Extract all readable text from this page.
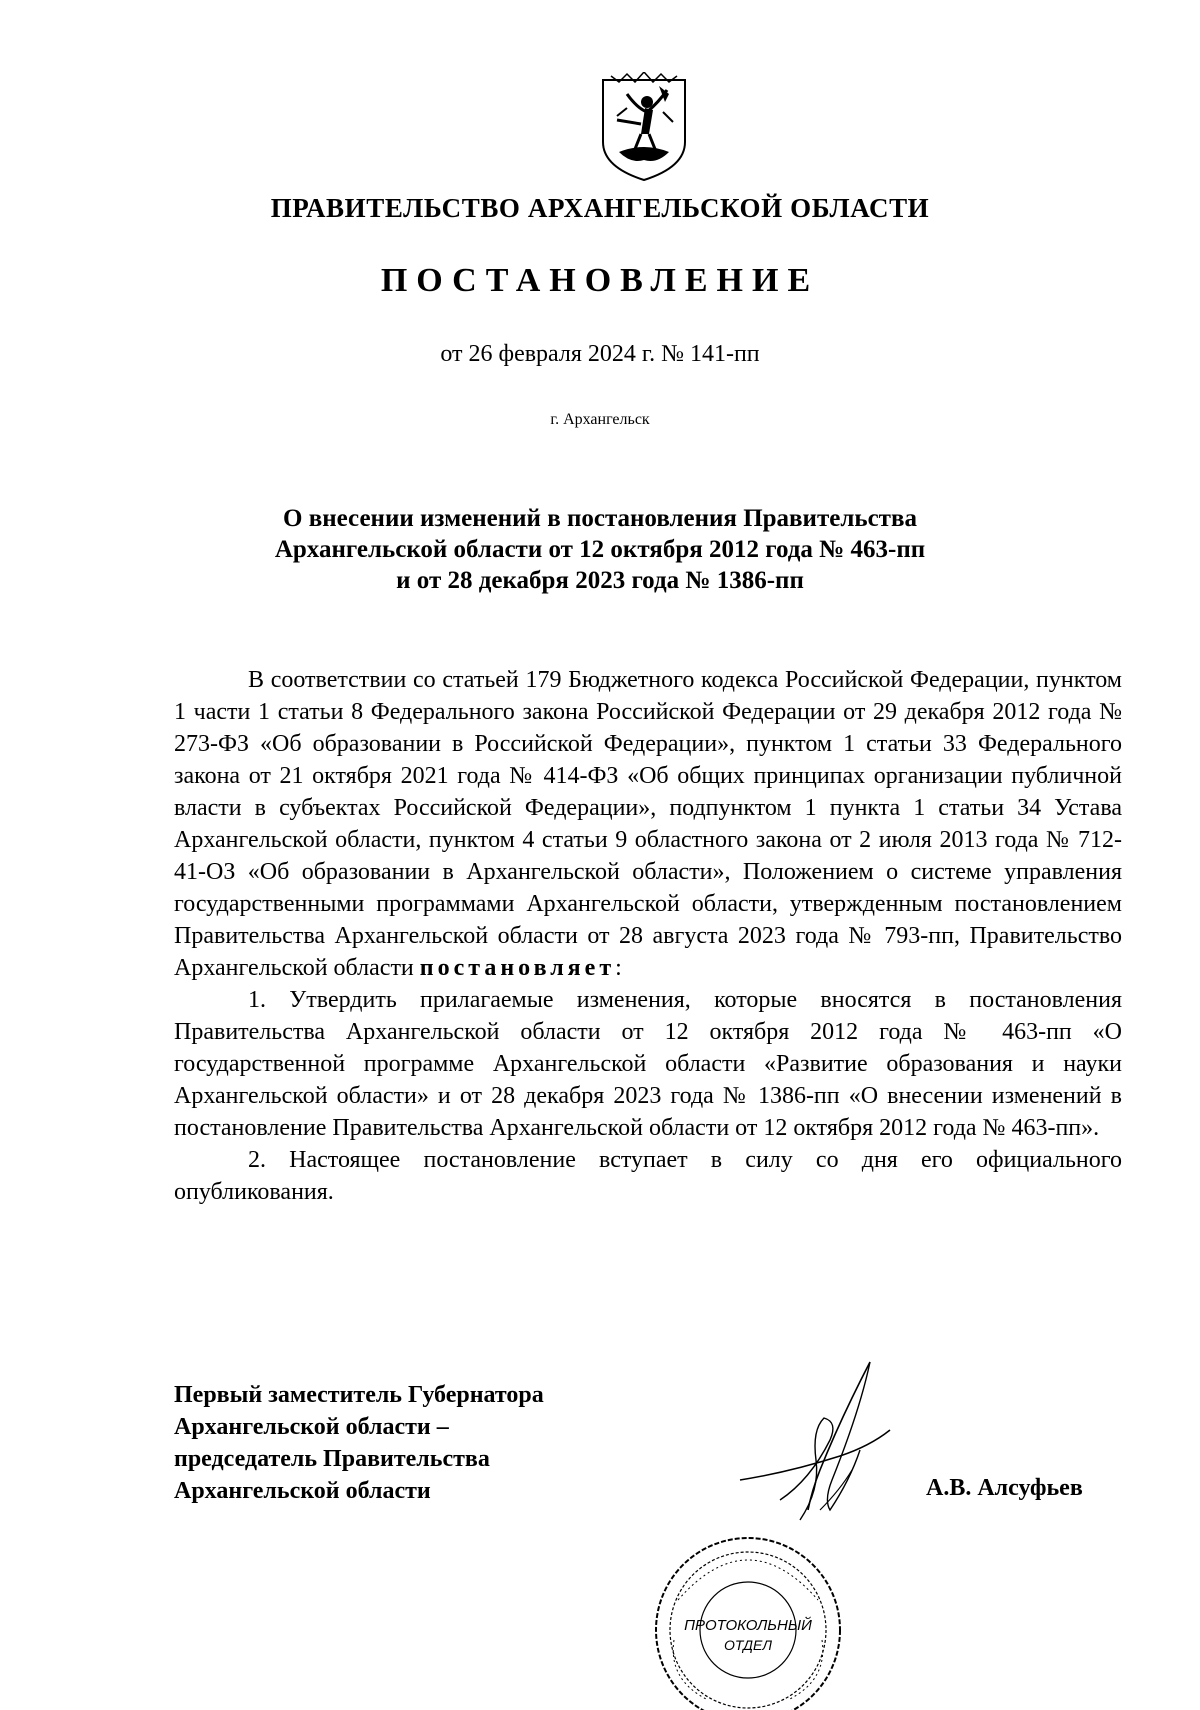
ПРАВИТЕЛЬСТВО АРХАНГЕЛЬСКОЙ ОБЛАСТИ
ПОСТАНОВЛЕНИЕ
от 26 февраля 2024 г. № 141-пп
г. Архангельск
О внесении изменений в постановления Правительства
Архангельской области от 12 октября 2012 года № 463-пп
и от 28 декабря 2023 года № 1386-пп

В соответствии со статьей 179 Бюджетного кодекса Российской Федерации, пунктом 1 части 1 статьи 8 Федерального закона Российской Федерации от 29 декабря 2012 года № 273-ФЗ «Об образовании в Российской Федерации», пунктом 1 статьи 33 Федерального закона от 21 октября 2021 года № 414-ФЗ «Об общих принципах организации публичной власти в субъектах Российской Федерации», подпунктом 1 пункта 1 статьи 34 Устава Архангельской области, пунктом 4 статьи 9 областного закона от 2 июля 2013 года № 712-41-ОЗ «Об образовании в Архангельской области», Положением о системе управления государственными программами Архангельской области, утвержденным постановлением Правительства Архангельской области от 28 августа 2023 года № 793-пп, Правительство Архангельской области постановляет:

1. Утвердить прилагаемые изменения, которые вносятся в постановления Правительства Архангельской области от 12 октября 2012 года № 463-пп «О государственной программе Архангельской области «Развитие образования и науки Архангельской области» и от 28 декабря 2023 года № 1386-пп «О внесении изменений в постановление Правительства Архангельской области от 12 октября 2012 года № 463-пп».

2. Настоящее постановление вступает в силу со дня его официального опубликования.

Первый заместитель Губернатора
Архангельской области –
председатель Правительства
Архангельской области	А.В. Алсуфьев
ПРОТОКОЛЬНЫЙ
ОТДЕЛ
